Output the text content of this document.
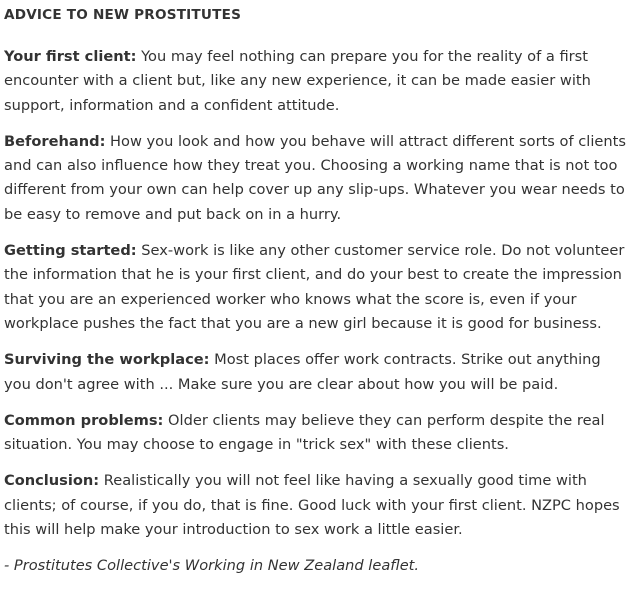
ADVICE TO NEW PROSTITUTES

Your first client: You may feel nothing can prepare you for the reality of a first encounter with a client but, like any new experience, it can be made easier with support, information and a confident attitude.

Beforehand: How you look and how you behave will attract different sorts of clients and can also influence how they treat you. Choosing a working name that is not too different from your own can help cover up any slip-ups. Whatever you wear needs to be easy to remove and put back on in a hurry.

Getting started: Sex-work is like any other customer service role. Do not volunteer the information that he is your first client, and do your best to create the impression that you are an experienced worker who knows what the score is, even if your workplace pushes the fact that you are a new girl because it is good for business.

Surviving the workplace: Most places offer work contracts. Strike out anything you don't agree with ... Make sure you are clear about how you will be paid.

Common problems: Older clients may believe they can perform despite the real situation. You may choose to engage in "trick sex" with these clients.

Conclusion: Realistically you will not feel like having a sexually good time with clients; of course, if you do, that is fine. Good luck with your first client. NZPC hopes this will help make your introduction to sex work a little easier.

- Prostitutes Collective's Working in New Zealand leaflet.
